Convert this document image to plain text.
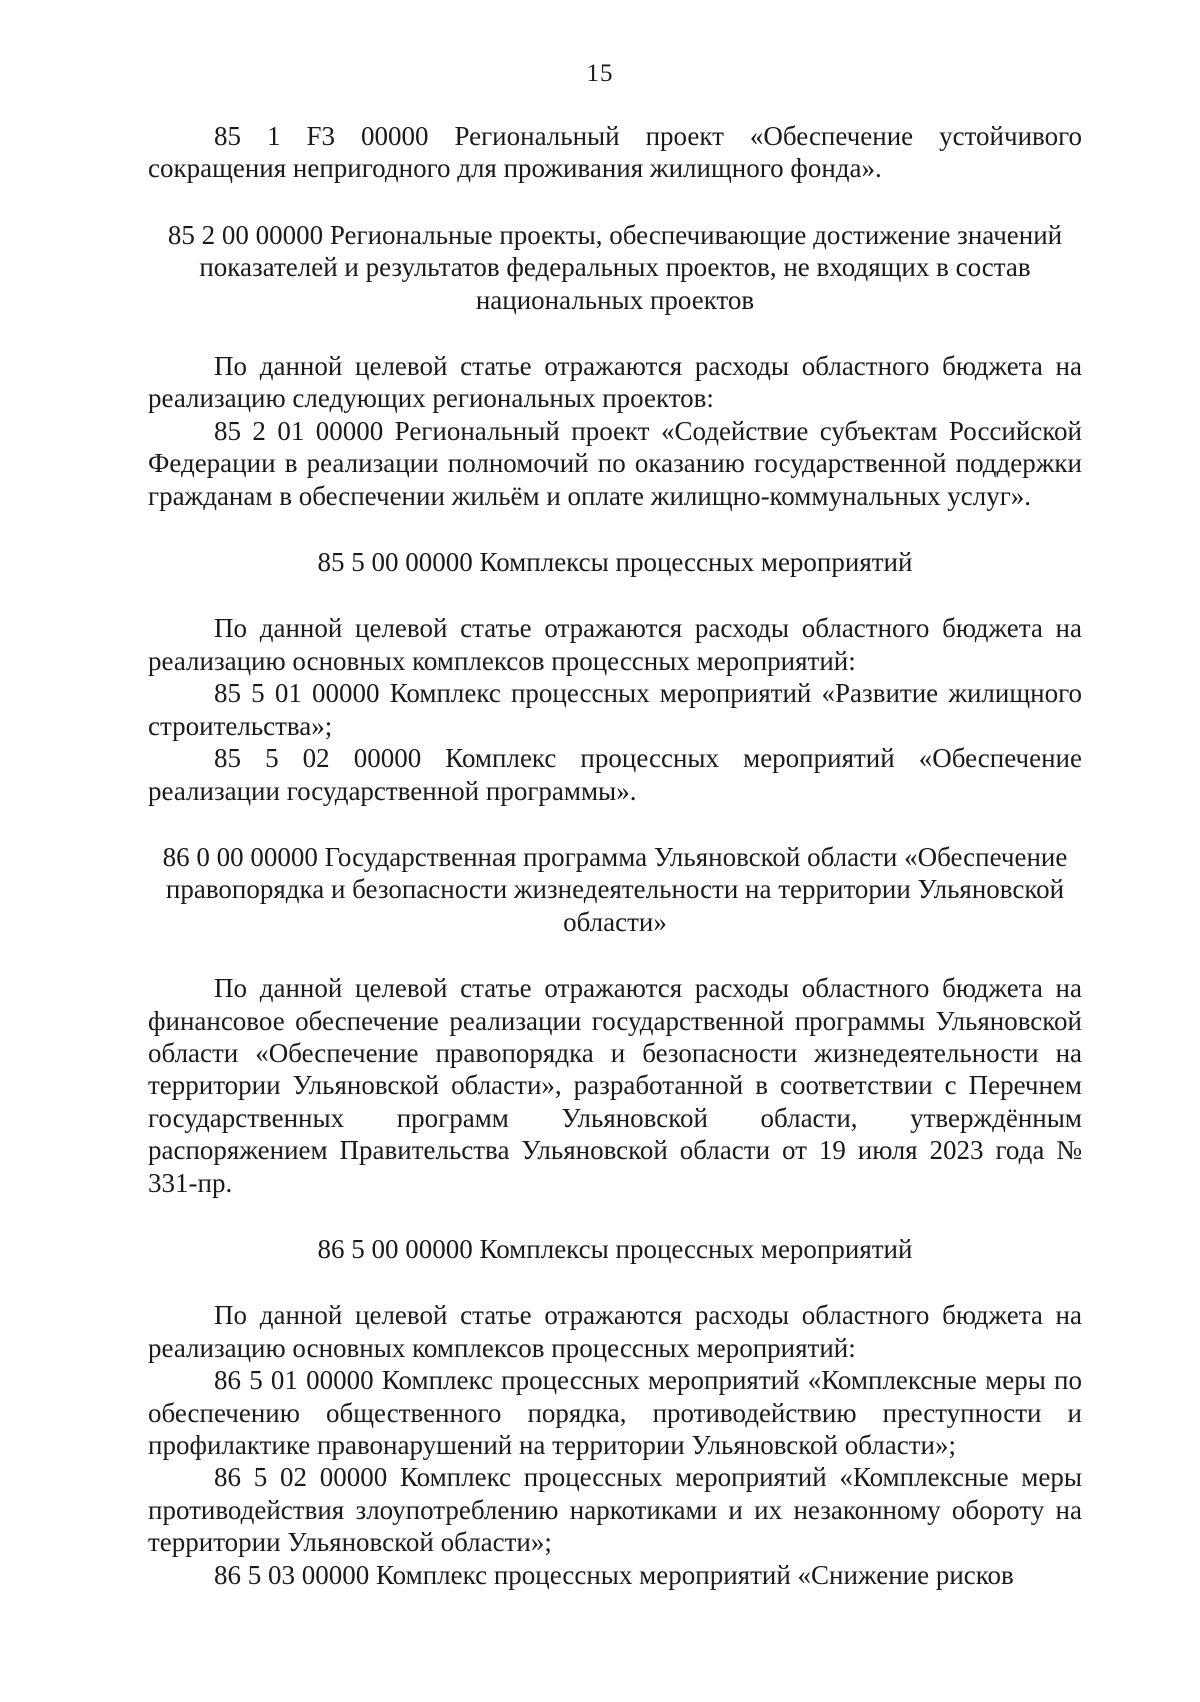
15

85 1 F3 00000 Региональный проект «Обеспечение устойчивого сокращения непригодного для проживания жилищного фонда».

85 2 00 00000 Региональные проекты, обеспечивающие достижение значений показателей и результатов федеральных проектов, не входящих в состав национальных проектов

По данной целевой статье отражаются расходы областного бюджета на реализацию следующих региональных проектов:

85 2 01 00000 Региональный проект «Содействие субъектам Российской Федерации в реализации полномочий по оказанию государственной поддержки гражданам в обеспечении жильём и оплате жилищно-коммунальных услуг».

85 5 00 00000 Комплексы процессных мероприятий

По данной целевой статье отражаются расходы областного бюджета на реализацию основных комплексов процессных мероприятий:

85 5 01 00000 Комплекс процессных мероприятий «Развитие жилищного строительства»;

85 5 02 00000 Комплекс процессных мероприятий «Обеспечение реализации государственной программы».

86 0 00 00000 Государственная программа Ульяновской области «Обеспечение правопорядка и безопасности жизнедеятельности на территории Ульяновской области»

По данной целевой статье отражаются расходы областного бюджета на финансовое обеспечение реализации государственной программы Ульяновской области «Обеспечение правопорядка и безопасности жизнедеятельности на территории Ульяновской области», разработанной в соответствии с Перечнем государственных программ Ульяновской области, утверждённым распоряжением Правительства Ульяновской области от 19 июля 2023 года № 331-пр.

86 5 00 00000 Комплексы процессных мероприятий

По данной целевой статье отражаются расходы областного бюджета на реализацию основных комплексов процессных мероприятий:

86 5 01 00000 Комплекс процессных мероприятий «Комплексные меры по обеспечению общественного порядка, противодействию преступности и профилактике правонарушений на территории Ульяновской области»;

86 5 02 00000 Комплекс процессных мероприятий «Комплексные меры противодействия злоупотреблению наркотиками и их незаконному обороту на территории Ульяновской области»;

86 5 03 00000 Комплекс процессных мероприятий «Снижение рисков
